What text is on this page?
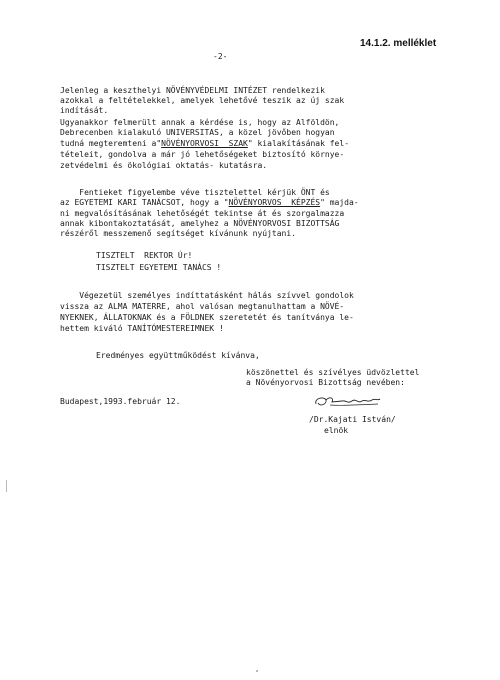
14.1.2. melléklet
-2-
Jelenleg a keszthelyi NÖVÉNYVÉDELMI INTÉZET rendelkezik
azokkal a feltételekkel, amelyek lehetővé teszik az új szak
indítását.
Ugyanakkor felmerült annak a kérdése is, hogy az Alföldön,
Debrecenben kialakuló UNIVERSITAS, a közel jövőben hogyan
tudná megteremteni a"NÖVÉNYORVOSI  SZAK" kialakításának fel-
tételeit, gondolva a már jó lehetőségeket biztosító környe-
zetvédelmi és ökológiai oktatás- kutatásra.
Fentieket figyelembe véve tisztelettel kérjük ÖNT és
az EGYETEMI KARI TANÁCSOT, hogy a "NÖVÉNYORVOS  KÉPZÉS" majda-
ni megvalósításának lehetőségét tekintse át és szorgalmazza
annak kibontakoztatását, amelyhez a NÖVÉNYORVOSI BIZOTTSÁG
részéről messzemenő segítséget kívánunk nyújtani.
TISZTELT  REKTOR Úr!
TISZTELT EGYETEMI TANÁCS !
Végezetül személyes indíttatásként hálás szívvel gondolok
vissza az ALMA MATERRE, ahol valósan megtanulhattam a NÖVÉ-
NYEKNEK, ÁLLATOKNAK és a FÖLDNEK szeretetét és tanítványa le-
hettem kiváló TANÍTÓMESTEREIMNEK !
Eredményes együttműködést kívánva,
köszönettel és szívélyes üdvözlettel
a Növényorvosi Bizottság nevében:
Budapest,1993.február 12.
/Dr.Kajati István/
elnök
